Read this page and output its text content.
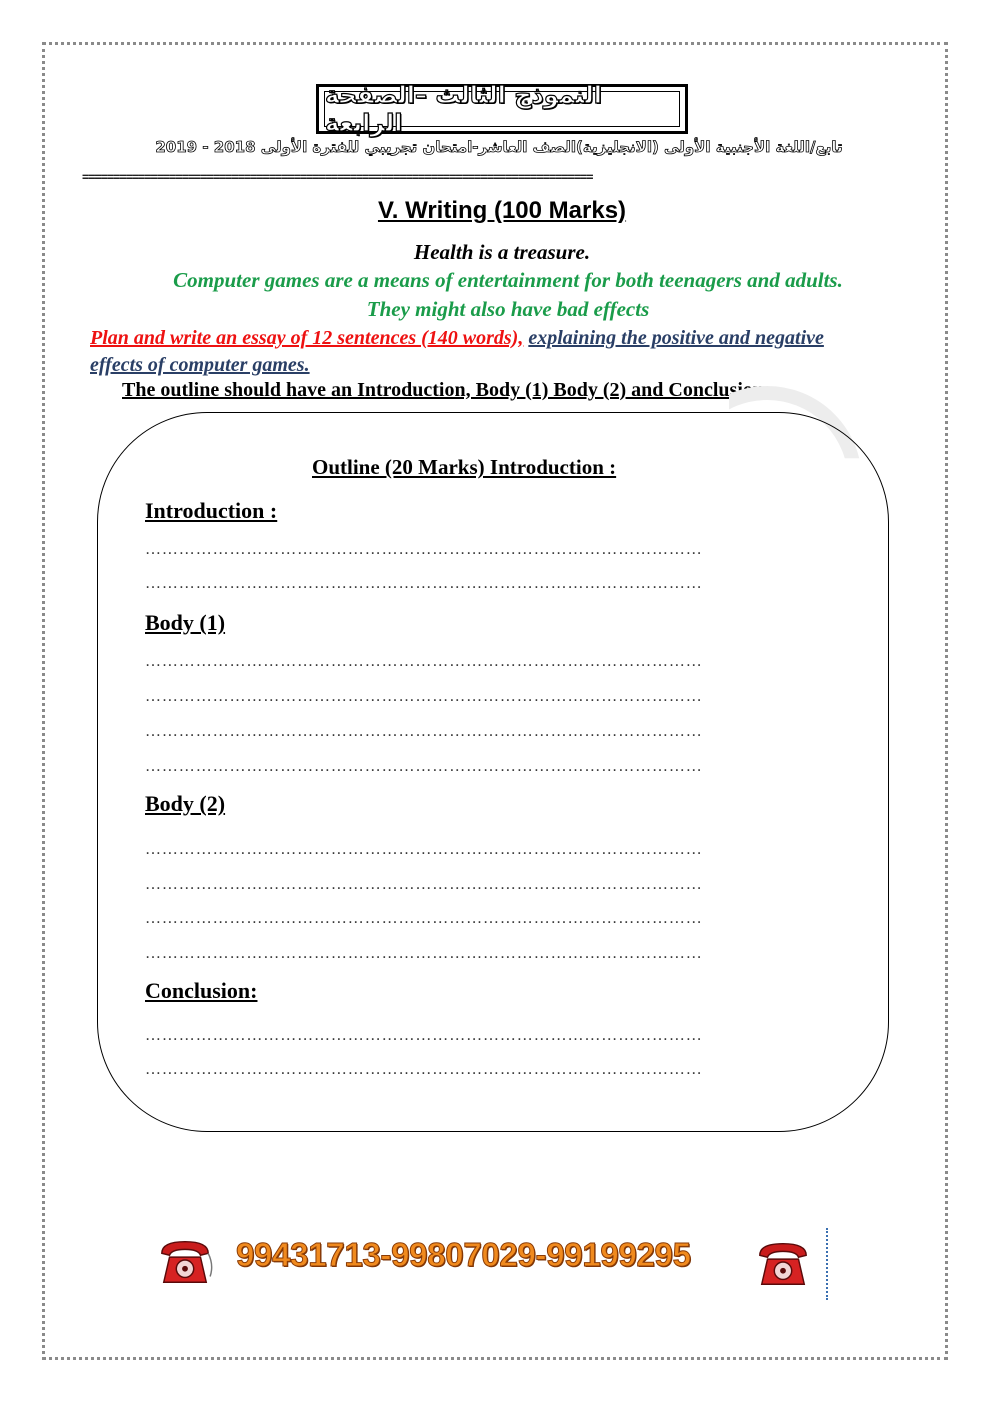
النموذج الثالث –الصفحة الرابعة
تابع/اللغة الأجنبية الأولى (الانجليزية)الصف العاشر-امتحان تجريبي للفترة الأولى 2018 - 2019
==================================================================================
V. Writing (100 Marks)
Health is a treasure.
Computer games are a means of entertainment for both teenagers and adults.
They might also have bad effects
Plan and write an essay of 12 sentences (140 words), explaining the positive and negative effects of computer games.
The outline should have an Introduction, Body (1) Body (2) and Conclusion:
Outline (20 Marks) Introduction :
Introduction :
………………………………………………………………………………………
………………………………………………………………………………………
Body (1)
………………………………………………………………………………………
………………………………………………………………………………………
………………………………………………………………………………………
………………………………………………………………………………………
Body (2)
………………………………………………………………………………………
………………………………………………………………………………………
………………………………………………………………………………………
………………………………………………………………………………………
Conclusion:
………………………………………………………………………………………
………………………………………………………………………………………
99431713-99807029-99199295
